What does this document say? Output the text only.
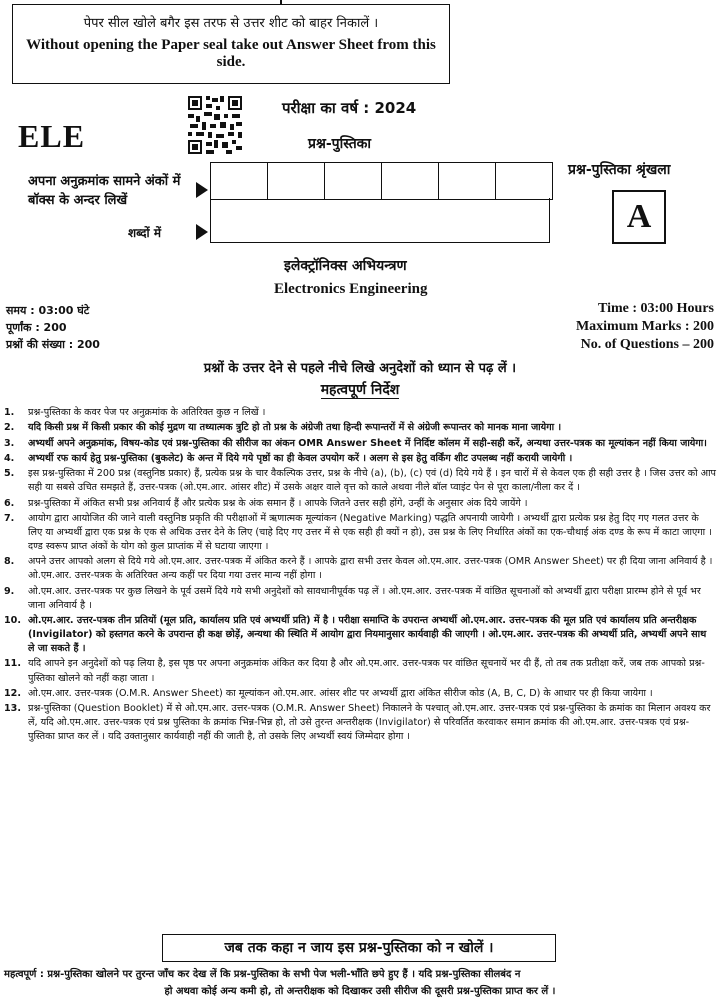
पेपर सील खोले बगैर इस तरफ से उत्तर शीट को बाहर निकालें ।
Without opening the Paper seal take out Answer Sheet from this side.
ELE
परीक्षा का वर्ष : 2024
प्रश्न-पुस्तिका
प्रश्न-पुस्तिका श्रृंखला
A
अपना अनुक्रमांक सामने अंकों में
बॉक्स के अन्दर लिखें
शब्दों में
इलेक्ट्रॉनिक्स अभियन्त्रण
Electronics Engineering
समय : 03:00 घंटे
पूर्णांक : 200
प्रश्नों की संख्या : 200
Time : 03:00 Hours
Maximum Marks : 200
No. of Questions – 200
प्रश्नों के उत्तर देने से पहले नीचे लिखे अनुदेशों को ध्यान से पढ़ लें ।
महत्वपूर्ण निर्देश
1.	प्रश्न-पुस्तिका के कवर पेज पर अनुक्रमांक के अतिरिक्त कुछ न लिखें ।
2.	यदि किसी प्रश्न में किसी प्रकार की कोई मुद्रण या तथ्यात्मक त्रुटि हो तो प्रश्न के अंग्रेजी तथा हिन्दी रूपान्तरों में से अंग्रेजी रूपान्तर को मानक माना जायेगा ।
3.	अभ्यर्थी अपने अनुक्रमांक, विषय-कोड एवं प्रश्न-पुस्तिका की सीरीज का अंकन OMR Answer Sheet में निर्दिष्ट कॉलम में सही-सही करें, अन्यथा उत्तर-पत्रक का मूल्यांकन नहीं किया जायेगा।
4.	अभ्यर्थी रफ कार्य हेतु प्रश्न-पुस्तिका (बुकलेट) के अन्त में दिये गये पृष्ठों का ही केवल उपयोग करें । अलग से इस हेतु वर्किंग शीट उपलब्ध नहीं करायी जायेगी ।
5.	इस प्रश्न-पुस्तिका में 200 प्रश्न (वस्तुनिष्ठ प्रकार) हैं, प्रत्येक प्रश्न के चार वैकल्पिक उत्तर, प्रश्न के नीचे (a), (b), (c) एवं (d) दिये गये हैं । इन चारों में से केवल एक ही सही उत्तर है । जिस उत्तर को आप सही या सबसे उचित समझते हैं, उत्तर-पत्रक (ओ.एम.आर. आंसर शीट) में उसके अक्षर वाले वृत्त को काले अथवा नीले बॉल प्वाइंट पेन से पूरा काला/नीला कर दें ।
6.	प्रश्न-पुस्तिका में अंकित सभी प्रश्न अनिवार्य हैं और प्रत्येक प्रश्न के अंक समान हैं । आपके जितने उत्तर सही होंगे, उन्हीं के अनुसार अंक दिये जायेंगे ।
7.	आयोग द्वारा आयोजित की जाने वाली वस्तुनिष्ठ प्रकृति की परीक्षाओं में ऋणात्मक मूल्यांकन (Negative Marking) पद्धति अपनायी जायेगी । अभ्यर्थी द्वारा प्रत्येक प्रश्न हेतु दिए गए गलत उत्तर के लिए या अभ्यर्थी द्वारा एक प्रश्न के एक से अधिक उत्तर देने के लिए (चाहे दिए गए उत्तर में से एक सही ही क्यों न हो), उस प्रश्न के लिए निर्धारित अंकों का एक-चौथाई अंक दण्ड के रूप में काटा जाएगा । दण्ड स्वरूप प्राप्त अंकों के योग को कुल प्राप्तांक में से घटाया जाएगा ।
8.	अपने उत्तर आपको अलग से दिये गये ओ.एम.आर. उत्तर-पत्रक में अंकित करने हैं । आपके द्वारा सभी उत्तर केवल ओ.एम.आर. उत्तर-पत्रक (OMR Answer Sheet) पर ही दिया जाना अनिवार्य है । ओ.एम.आर. उत्तर-पत्रक के अतिरिक्त अन्य कहीं पर दिया गया उत्तर मान्य नहीं होगा ।
9.	ओ.एम.आर. उत्तर-पत्रक पर कुछ लिखने के पूर्व उसमें दिये गये सभी अनुदेशों को सावधानीपूर्वक पढ़ लें । ओ.एम.आर. उत्तर-पत्रक में वांछित सूचनाओं को अभ्यर्थी द्वारा परीक्षा प्रारम्भ होने से पूर्व भर जाना अनिवार्य है ।
10. ओ.एम.आर. उत्तर-पत्रक तीन प्रतियों (मूल प्रति, कार्यालय प्रति एवं अभ्यर्थी प्रति) में है । परीक्षा समाप्ति के उपरान्त अभ्यर्थी ओ.एम.आर. उत्तर-पत्रक की मूल प्रति एवं कार्यालय प्रति अन्तरीक्षक (Invigilator) को हस्तगत करने के उपरान्त ही कक्ष छोड़ें, अन्यथा की स्थिति में आयोग द्वारा नियमानुसार कार्यवाही की जाएगी । ओ.एम.आर. उत्तर-पत्रक की अभ्यर्थी प्रति, अभ्यर्थी अपने साथ ले जा सकते हैं ।
11. यदि आपने इन अनुदेशों को पढ़ लिया है, इस पृष्ठ पर अपना अनुक्रमांक अंकित कर दिया है और ओ.एम.आर. उत्तर-पत्रक पर वांछित सूचनायें भर दी हैं, तो तब तक प्रतीक्षा करें, जब तक आपको प्रश्न-पुस्तिका खोलने को नहीं कहा जाता ।
12. ओ.एम.आर. उत्तर-पत्रक (O.M.R. Answer Sheet) का मूल्यांकन ओ.एम.आर. आंसर शीट पर अभ्यर्थी द्वारा अंकित सीरीज कोड (A, B, C, D) के आधार पर ही किया जायेगा ।
13. प्रश्न-पुस्तिका (Question Booklet) में से ओ.एम.आर. उत्तर-पत्रक (O.M.R. Answer Sheet) निकालने के पश्चात् ओ.एम.आर. उत्तर-पत्रक एवं प्रश्न-पुस्तिका के क्रमांक का मिलान अवश्य कर लें, यदि ओ.एम.आर. उत्तर-पत्रक एवं प्रश्न पुस्तिका के क्रमांक भिन्न-भिन्न हो, तो उसे तुरन्त अन्तरीक्षक (Invigilator) से परिवर्तित करवाकर समान क्रमांक की ओ.एम.आर. उत्तर-पत्रक एवं प्रश्न-पुस्तिका प्राप्त कर लें । यदि उक्तानुसार कार्यवाही नहीं की जाती है, तो उसके लिए अभ्यर्थी स्वयं जिम्मेदार होगा ।
जब तक कहा न जाय इस प्रश्न-पुस्तिका को न खोलें ।
महत्वपूर्ण : प्रश्न-पुस्तिका खोलने पर तुरन्त जाँच कर देख लें कि प्रश्न-पुस्तिका के सभी पेज भली-भाँति छपे हुए हैं । यदि प्रश्न-पुस्तिका सीलबंद न
हो अथवा कोई अन्य कमी हो, तो अन्तरीक्षक को दिखाकर उसी सीरीज की दूसरी प्रश्न-पुस्तिका प्राप्त कर लें ।
